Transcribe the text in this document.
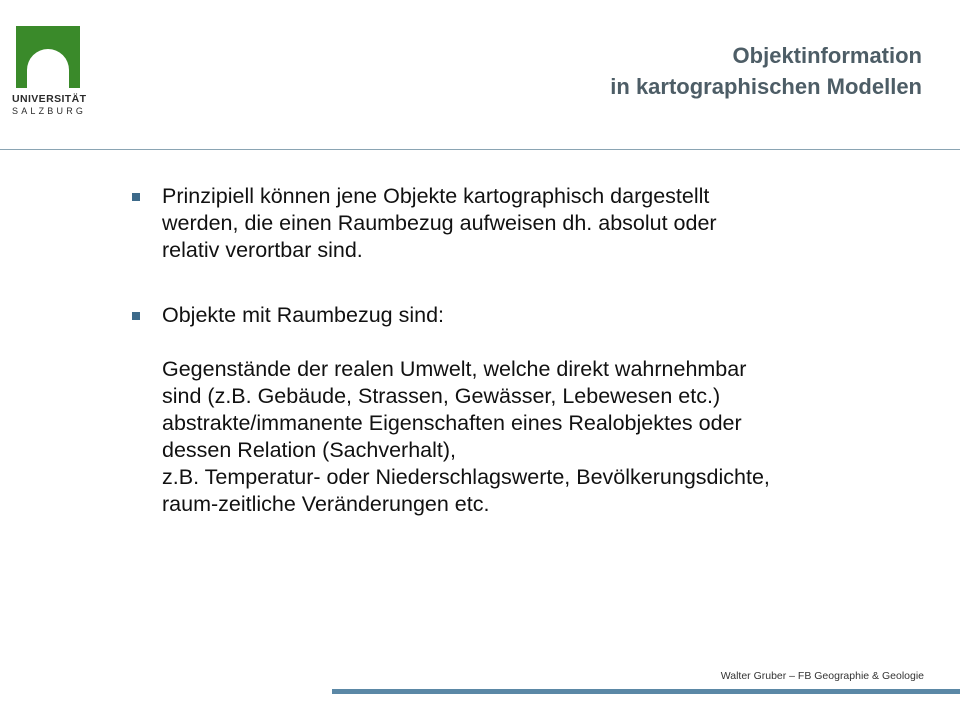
UNIVERSITÄT
SALZBURG
Objektinformation
in kartographischen Modellen
Prinzipiell können jene Objekte kartographisch dargestellt
werden, die einen Raumbezug aufweisen dh. absolut oder
relativ verortbar sind.
Objekte mit Raumbezug sind:
Gegenstände der realen Umwelt, welche direkt wahrnehmbar
sind (z.B. Gebäude, Strassen, Gewässer, Lebewesen etc.)
abstrakte/immanente Eigenschaften eines Realobjektes oder
dessen Relation (Sachverhalt),
z.B. Temperatur- oder Niederschlagswerte, Bevölkerungsdichte,
raum-zeitliche Veränderungen etc.
Walter Gruber – FB Geographie & Geologie
